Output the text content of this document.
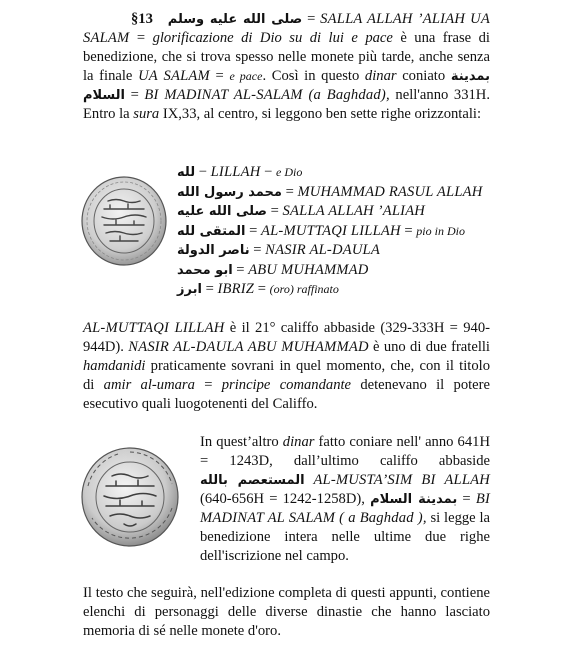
§13 صلى الله عليه وسلم = SALLA ALLAH ’ALIAH UA SALAM = glorificazione di Dio su di lui e pace è una frase di benedizione, che si trova spesso nelle monete più tarde, anche senza la finale UA SALAM = e pace. Così in questo dinar coniato بمدينة السلام = BI MADINAT AL-SALAM (a Baghdad), nell'anno 331H. Entro la sura IX,33, al centro, si leggono ben sette righe orizzontali:
لله − LILLAH − e Dio
محمد رسول الله = MUHAMMAD RASUL ALLAH
صلى الله عليه = SALLA ALLAH ’ALIAH
المتقى لله = AL-MUTTAQI LILLAH = pio in Dio
ناصر الدولة = NASIR AL-DAULA
ابو محمد = ABU MUHAMMAD
ابرز = IBRIZ = (oro) raffinato
AL-MUTTAQI LILLAH è il 21° califfo abbaside (329-333H = 940-944D). NASIR AL-DAULA ABU MUHAMMAD è uno di due fratelli hamdanidi praticamente sovrani in quel momento, che, con il titolo di amir al-umara = principe comandante detenevano il potere esecutivo quali luogotenenti del Califfo.
In quest’altro dinar fatto coniare nell' anno 641H = 1243D, dall’ultimo califfo abbaside المستعصم بالله AL-MUSTA’SIM BI ALLAH (640-656H = 1242-1258D), بمدينة السلام = BI MADINAT AL SALAM ( a Baghdad ), si legge la benedizione intera nelle ultime due righe dell'iscrizione nel campo.
Il testo che seguirà, nell'edizione completa di questi appunti, contiene elenchi di personaggi delle diverse dinastie che hanno lasciato memoria di sé nelle monete d'oro.
